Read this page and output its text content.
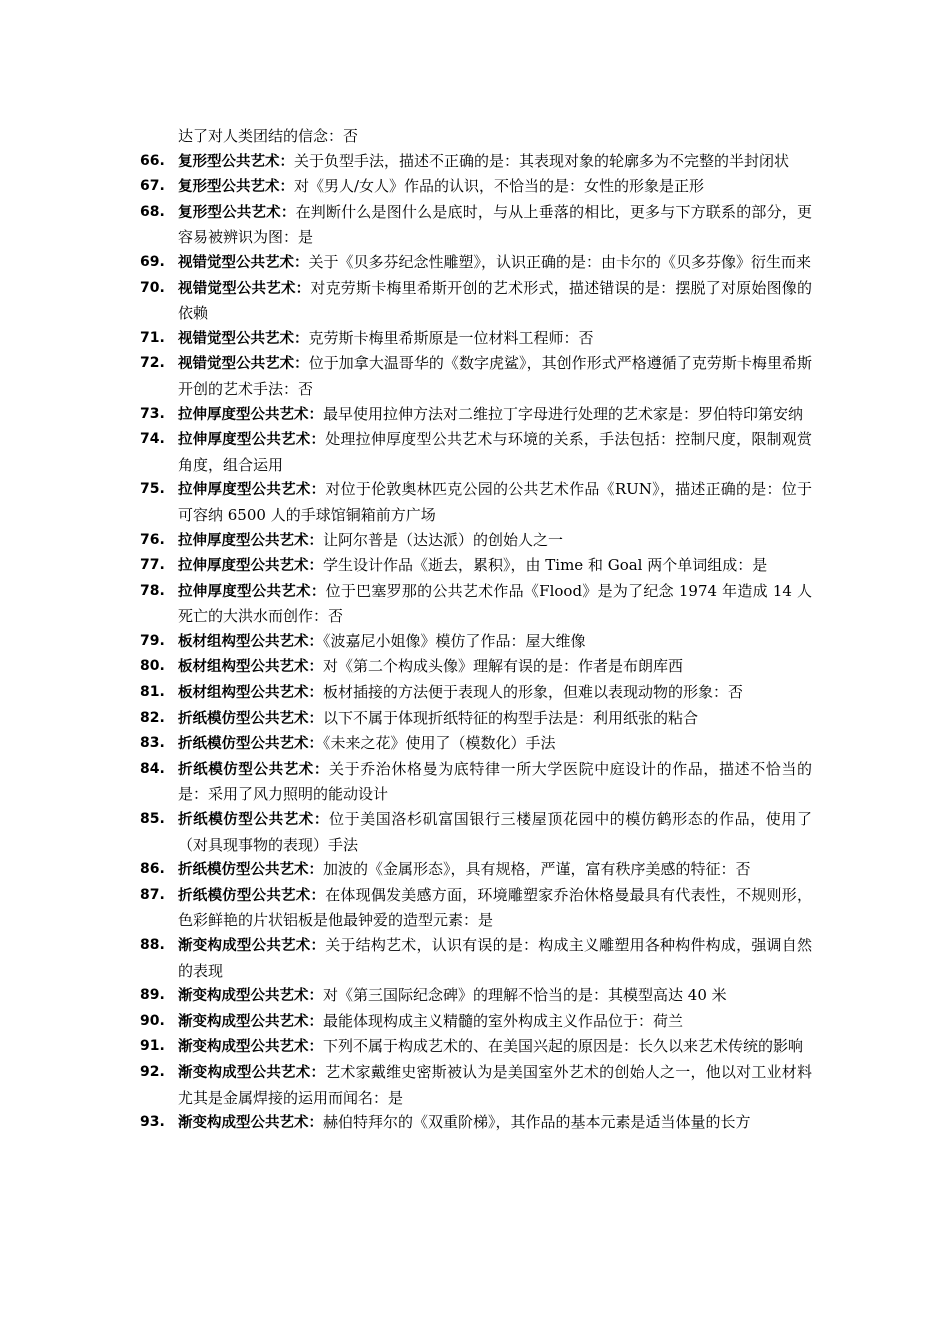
达了对人类团结的信念：否
66. 复形型公共艺术：关于负型手法，描述不正确的是：其表现对象的轮廓多为不完整的半封闭状
67. 复形型公共艺术：对《男人/女人》作品的认识，不恰当的是：女性的形象是正形
68. 复形型公共艺术：在判断什么是图什么是底时，与从上垂落的相比，更多与下方联系的部分，更容易被辨识为图：是
69. 视错觉型公共艺术：关于《贝多芬纪念性雕塑》，认识正确的是：由卡尔的《贝多芬像》衍生而来
70. 视错觉型公共艺术：对克劳斯卡梅里希斯开创的艺术形式，描述错误的是：摆脱了对原始图像的依赖
71. 视错觉型公共艺术：克劳斯卡梅里希斯原是一位材料工程师：否
72. 视错觉型公共艺术：位于加拿大温哥华的《数字虎鲨》，其创作形式严格遵循了克劳斯卡梅里希斯开创的艺术手法：否
73. 拉伸厚度型公共艺术：最早使用拉伸方法对二维拉丁字母进行处理的艺术家是：罗伯特印第安纳
74. 拉伸厚度型公共艺术：处理拉伸厚度型公共艺术与环境的关系，手法包括：控制尺度，限制观赏角度，组合运用
75. 拉伸厚度型公共艺术：对位于伦敦奥林匹克公园的公共艺术作品《RUN》，描述正确的是：位于可容纳 6500 人的手球馆铜箱前方广场
76. 拉伸厚度型公共艺术：让阿尔普是（达达派）的创始人之一
77. 拉伸厚度型公共艺术：学生设计作品《逝去，累积》，由 Time 和 Goal 两个单词组成：是
78. 拉伸厚度型公共艺术：位于巴塞罗那的公共艺术作品《Flood》是为了纪念 1974 年造成 14 人死亡的大洪水而创作：否
79. 板材组构型公共艺术：《波嘉尼小姐像》模仿了作品：屋大维像
80. 板材组构型公共艺术：对《第二个构成头像》理解有误的是：作者是布朗库西
81. 板材组构型公共艺术：板材插接的方法便于表现人的形象，但难以表现动物的形象：否
82. 折纸模仿型公共艺术：以下不属于体现折纸特征的构型手法是：利用纸张的粘合
83. 折纸模仿型公共艺术：《未来之花》使用了（模数化）手法
84. 折纸模仿型公共艺术：关于乔治休格曼为底特律一所大学医院中庭设计的作品，描述不恰当的是：采用了风力照明的能动设计
85. 折纸模仿型公共艺术：位于美国洛杉矶富国银行三楼屋顶花园中的模仿鹤形态的作品，使用了（对具现事物的表现）手法
86. 折纸模仿型公共艺术：加波的《金属形态》，具有规格，严谨，富有秩序美感的特征：否
87. 折纸模仿型公共艺术：在体现偶发美感方面，环境雕塑家乔治休格曼最具有代表性，不规则形，色彩鲜艳的片状铝板是他最钟爱的造型元素：是
88. 渐变构成型公共艺术：关于结构艺术，认识有误的是：构成主义雕塑用各种构件构成，强调自然的表现
89. 渐变构成型公共艺术：对《第三国际纪念碑》的理解不恰当的是：其模型高达 40 米
90. 渐变构成型公共艺术：最能体现构成主义精髓的室外构成主义作品位于：荷兰
91. 渐变构成型公共艺术：下列不属于构成艺术的、在美国兴起的原因是：长久以来艺术传统的影响
92. 渐变构成型公共艺术：艺术家戴维史密斯被认为是美国室外艺术的创始人之一，他以对工业材料尤其是金属焊接的运用而闻名：是
93. 渐变构成型公共艺术：赫伯特拜尔的《双重阶梯》，其作品的基本元素是适当体量的长方
